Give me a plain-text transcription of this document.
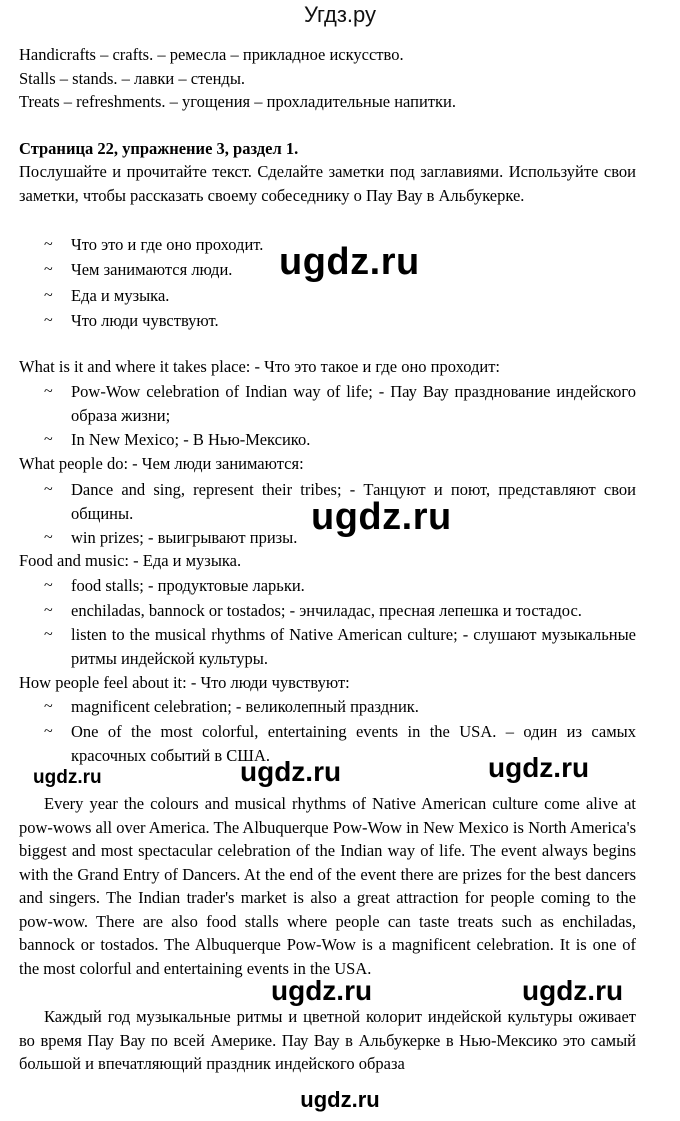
Угдз.ру
Handicrafts – crafts. – ремесла – прикладное искусство.
Stalls – stands. – лавки – стенды.
Treats – refreshments. – угощения – прохладительные напитки.
Страница 22, упражнение 3, раздел 1.
Послушайте и прочитайте текст. Сделайте заметки под заглавиями. Используйте свои заметки, чтобы рассказать своему собеседнику о Пау Вау в Альбукерке.
~ Что это и где оно проходит.
~ Чем занимаются люди.
~ Еда и музыка.
~ Что люди чувствуют.
What is it and where it takes place: - Что это такое и где оно проходит:
~ Pow-Wow celebration of Indian way of life; - Пау Вау празднование индейского образа жизни;
~ In New Mexico; - В Нью-Мексико.
What people do: - Чем люди занимаются:
~ Dance and sing, represent their tribes; - Танцуют и поют, представляют свои общины.
~ win prizes; - выигрывают призы.
Food and music: - Еда и музыка.
~ food stalls; - продуктовые ларьки.
~ enchiladas, bannock or tostados; - энчиладас, пресная лепешка и тостадос.
~ listen to the musical rhythms of Native American culture; - слушают музыкальные ритмы индейской культуры.
How people feel about it: - Что люди чувствуют:
~ magnificent celebration; - великолепный праздник.
~ One of the most colorful, entertaining events in the USA. – один из самых красочных событий в США.
Every year the colours and musical rhythms of Native American culture come alive at pow-wows all over America. The Albuquerque Pow-Wow in New Mexico is North America's biggest and most spectacular celebration of the Indian way of life. The event always begins with the Grand Entry of Dancers. At the end of the event there are prizes for the best dancers and singers. The Indian trader's market is also a great attraction for people coming to the pow-wow. There are also food stalls where people can taste treats such as enchiladas, bannock or tostados. The Albuquerque Pow-Wow is a magnificent celebration. It is one of the most colorful and entertaining events in the USA.
Каждый год музыкальные ритмы и цветной колорит индейской культуры оживает во время Пау Вау по всей Америке. Пау Вау в Альбукерке в Нью-Мексико это самый большой и впечатляющий праздник индейского образа
ugdz.ru
ugdz.ru
ugdz.ru	ugdz.ru	ugdz.ru
ugdz.ru	ugdz.ru
ugdz.ru
